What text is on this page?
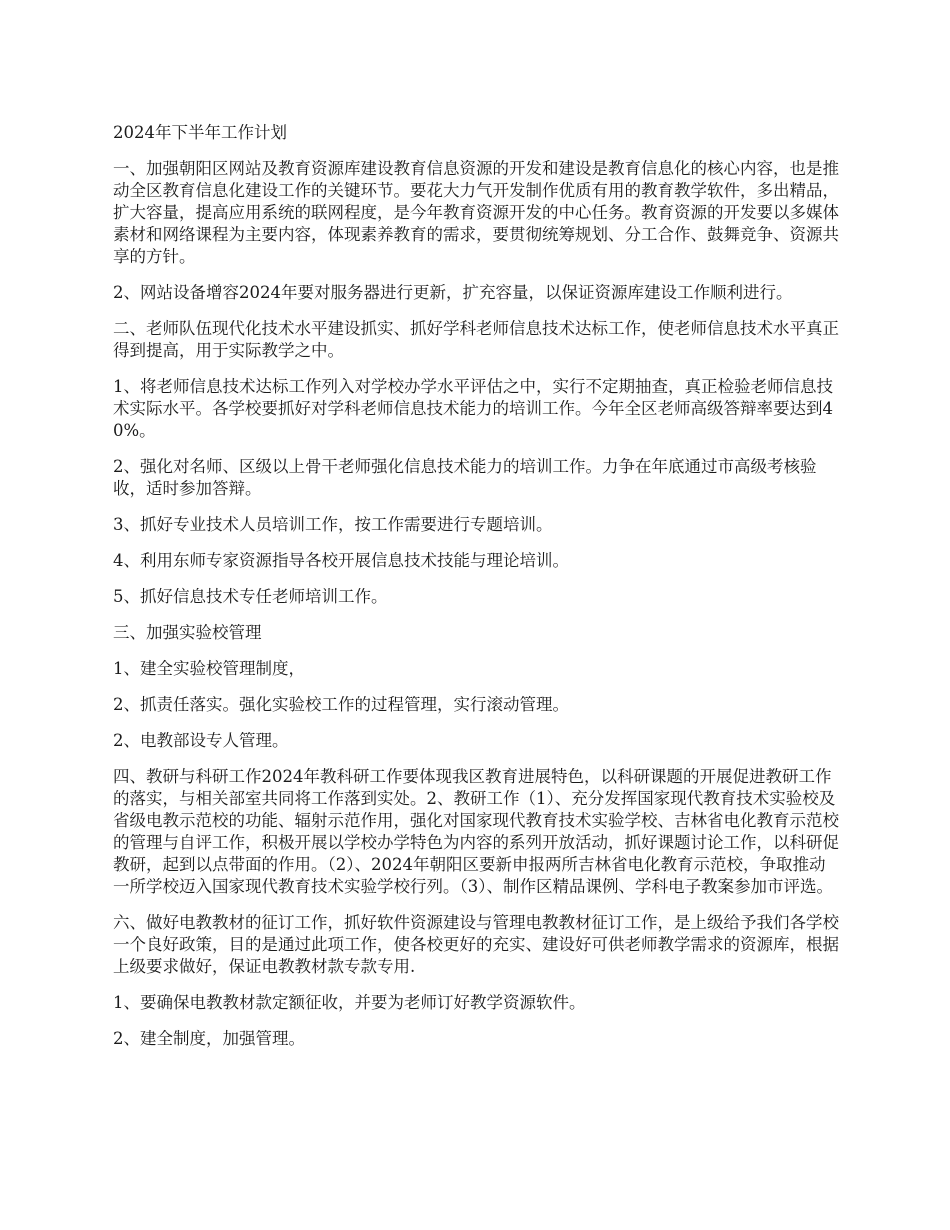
2024年下半年工作计划

一、加强朝阳区网站及教育资源库建设教育信息资源的开发和建设是教育信息化的核心内容，也是推动全区教育信息化建设工作的关键环节。要花大力气开发制作优质有用的教育教学软件，多出精品，扩大容量，提高应用系统的联网程度，是今年教育资源开发的中心任务。教育资源的开发要以多媒体素材和网络课程为主要内容，体现素养教育的需求，要贯彻统筹规划、分工合作、鼓舞竞争、资源共享的方针。

2、网站设备增容2024年要对服务器进行更新，扩充容量，以保证资源库建设工作顺利进行。

二、老师队伍现代化技术水平建设抓实、抓好学科老师信息技术达标工作，使老师信息技术水平真正得到提高，用于实际教学之中。

1、将老师信息技术达标工作列入对学校办学水平评估之中，实行不定期抽查，真正检验老师信息技术实际水平。各学校要抓好对学科老师信息技术能力的培训工作。今年全区老师高级答辩率要达到40%。

2、强化对名师、区级以上骨干老师强化信息技术能力的培训工作。力争在年底通过市高级考核验收，适时参加答辩。

3、抓好专业技术人员培训工作，按工作需要进行专题培训。

4、利用东师专家资源指导各校开展信息技术技能与理论培训。

5、抓好信息技术专任老师培训工作。

三、加强实验校管理

1、建全实验校管理制度，

2、抓责任落实。强化实验校工作的过程管理，实行滚动管理。

2、电教部设专人管理。

四、教研与科研工作2024年教科研工作要体现我区教育进展特色，以科研课题的开展促进教研工作的落实，与相关部室共同将工作落到实处。2、教研工作（1）、充分发挥国家现代教育技术实验校及省级电教示范校的功能、辐射示范作用，强化对国家现代教育技术实验学校、吉林省电化教育示范校的管理与自评工作，积极开展以学校办学特色为内容的系列开放活动，抓好课题讨论工作，以科研促教研，起到以点带面的作用。（2）、2024年朝阳区要新申报两所吉林省电化教育示范校，争取推动一所学校迈入国家现代教育技术实验学校行列。（3）、制作区精品课例、学科电子教案参加市评选。

六、做好电教教材的征订工作，抓好软件资源建设与管理电教教材征订工作，是上级给予我们各学校一个良好政策，目的是通过此项工作，使各校更好的充实、建设好可供老师教学需求的资源库，根据上级要求做好，保证电教教材款专款专用.

1、要确保电教教材款定额征收，并要为老师订好教学资源软件。

2、建全制度，加强管理。
